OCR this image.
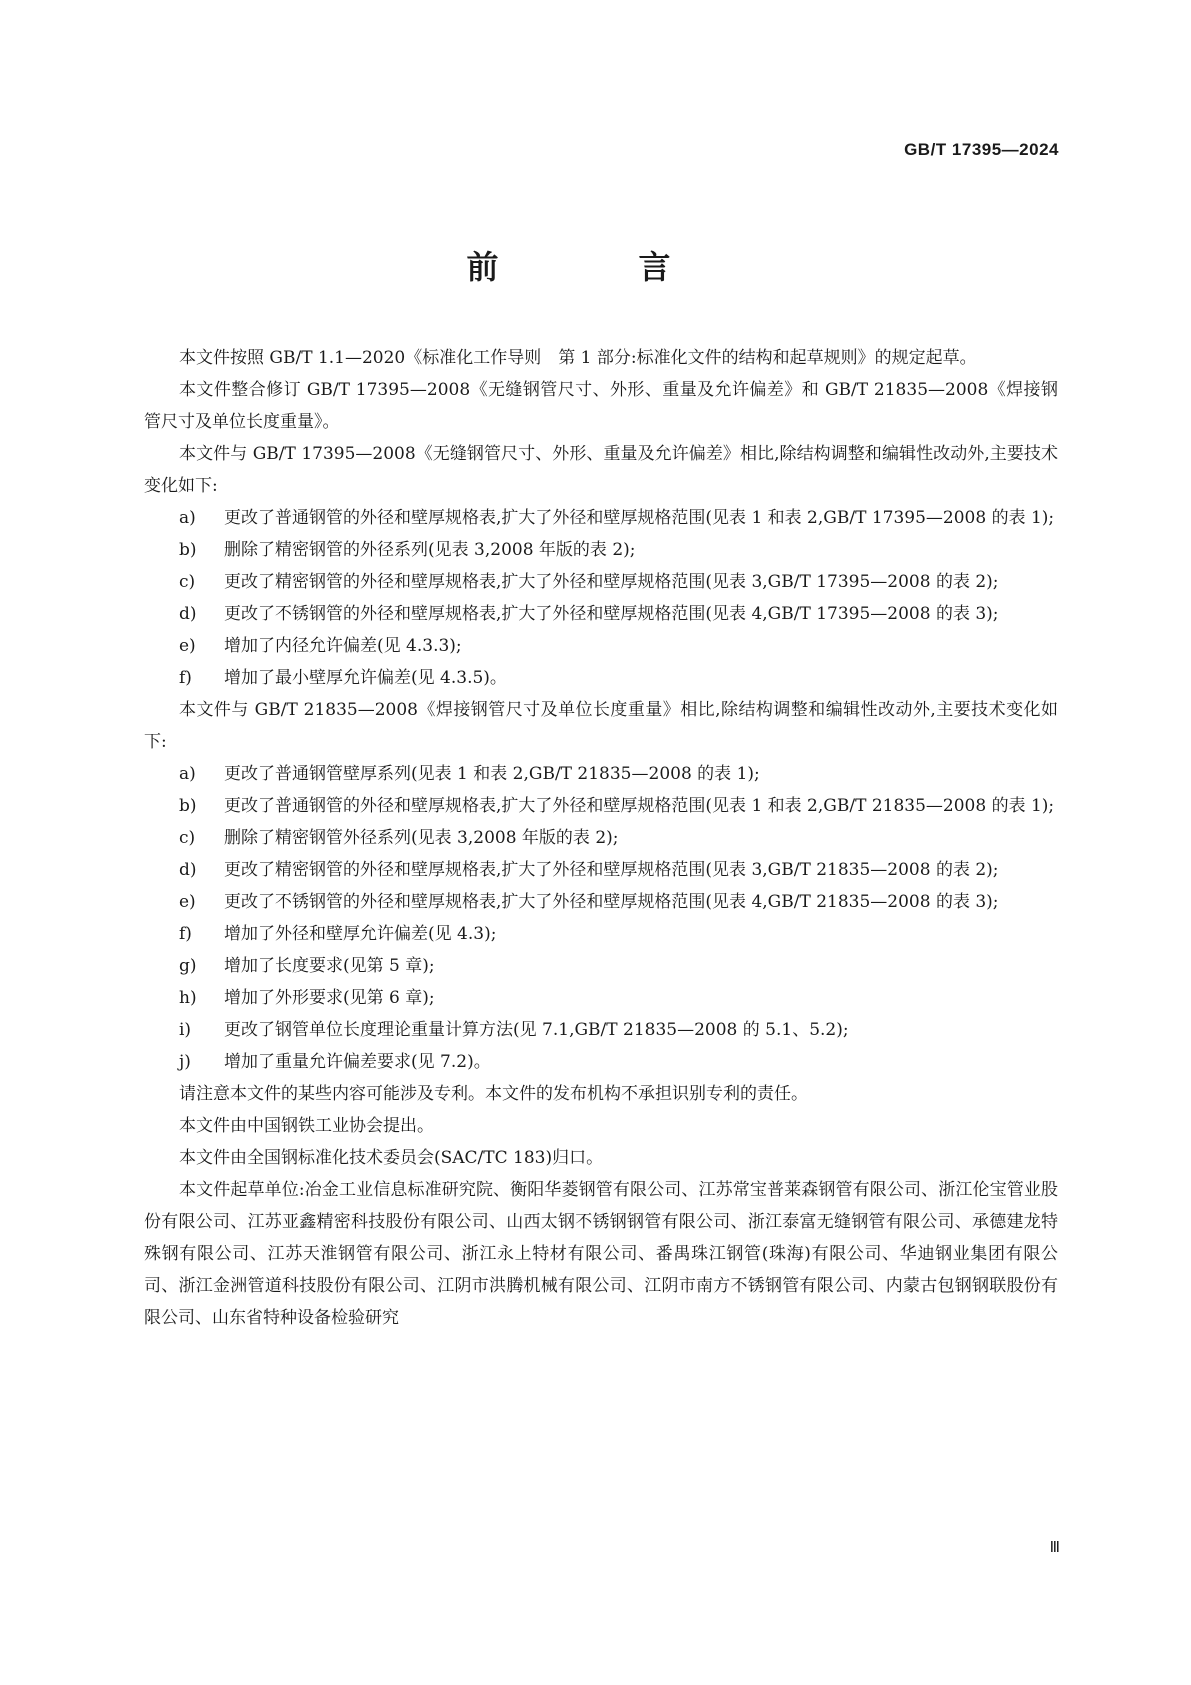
GB/T 17395—2024
前　言

本文件按照 GB/T 1.1—2020《标准化工作导则　第 1 部分:标准化文件的结构和起草规则》的规定起草。

本文件整合修订 GB/T 17395—2008《无缝钢管尺寸、外形、重量及允许偏差》和 GB/T 21835—2008《焊接钢管尺寸及单位长度重量》。

本文件与 GB/T 17395—2008《无缝钢管尺寸、外形、重量及允许偏差》相比,除结构调整和编辑性改动外,主要技术变化如下:

a)	更改了普通钢管的外径和壁厚规格表,扩大了外径和壁厚规格范围(见表 1 和表 2,GB/T 17395—2008 的表 1);

b)	删除了精密钢管的外径系列(见表 3,2008 年版的表 2);

c)	更改了精密钢管的外径和壁厚规格表,扩大了外径和壁厚规格范围(见表 3,GB/T 17395—2008 的表 2);

d)	更改了不锈钢管的外径和壁厚规格表,扩大了外径和壁厚规格范围(见表 4,GB/T 17395—2008 的表 3);

e)	增加了内径允许偏差(见 4.3.3);

f)	增加了最小壁厚允许偏差(见 4.3.5)。

本文件与 GB/T 21835—2008《焊接钢管尺寸及单位长度重量》相比,除结构调整和编辑性改动外,主要技术变化如下:

a)	更改了普通钢管壁厚系列(见表 1 和表 2,GB/T 21835—2008 的表 1);

b)	更改了普通钢管的外径和壁厚规格表,扩大了外径和壁厚规格范围(见表 1 和表 2,GB/T 21835—2008 的表 1);

c)	删除了精密钢管外径系列(见表 3,2008 年版的表 2);

d)	更改了精密钢管的外径和壁厚规格表,扩大了外径和壁厚规格范围(见表 3,GB/T 21835—2008 的表 2);

e)	更改了不锈钢管的外径和壁厚规格表,扩大了外径和壁厚规格范围(见表 4,GB/T 21835—2008 的表 3);

f)	增加了外径和壁厚允许偏差(见 4.3);

g)	增加了长度要求(见第 5 章);

h)	增加了外形要求(见第 6 章);

i)	更改了钢管单位长度理论重量计算方法(见 7.1,GB/T 21835—2008 的 5.1、5.2);

j)	增加了重量允许偏差要求(见 7.2)。

请注意本文件的某些内容可能涉及专利。本文件的发布机构不承担识别专利的责任。

本文件由中国钢铁工业协会提出。

本文件由全国钢标准化技术委员会(SAC/TC 183)归口。

本文件起草单位:冶金工业信息标准研究院、衡阳华菱钢管有限公司、江苏常宝普莱森钢管有限公司、浙江伦宝管业股份有限公司、江苏亚鑫精密科技股份有限公司、山西太钢不锈钢钢管有限公司、浙江泰富无缝钢管有限公司、承德建龙特殊钢有限公司、江苏天淮钢管有限公司、浙江永上特材有限公司、番禺珠江钢管(珠海)有限公司、华迪钢业集团有限公司、浙江金洲管道科技股份有限公司、江阴市洪腾机械有限公司、江阴市南方不锈钢管有限公司、内蒙古包钢钢联股份有限公司、山东省特种设备检验研究

Ⅲ
